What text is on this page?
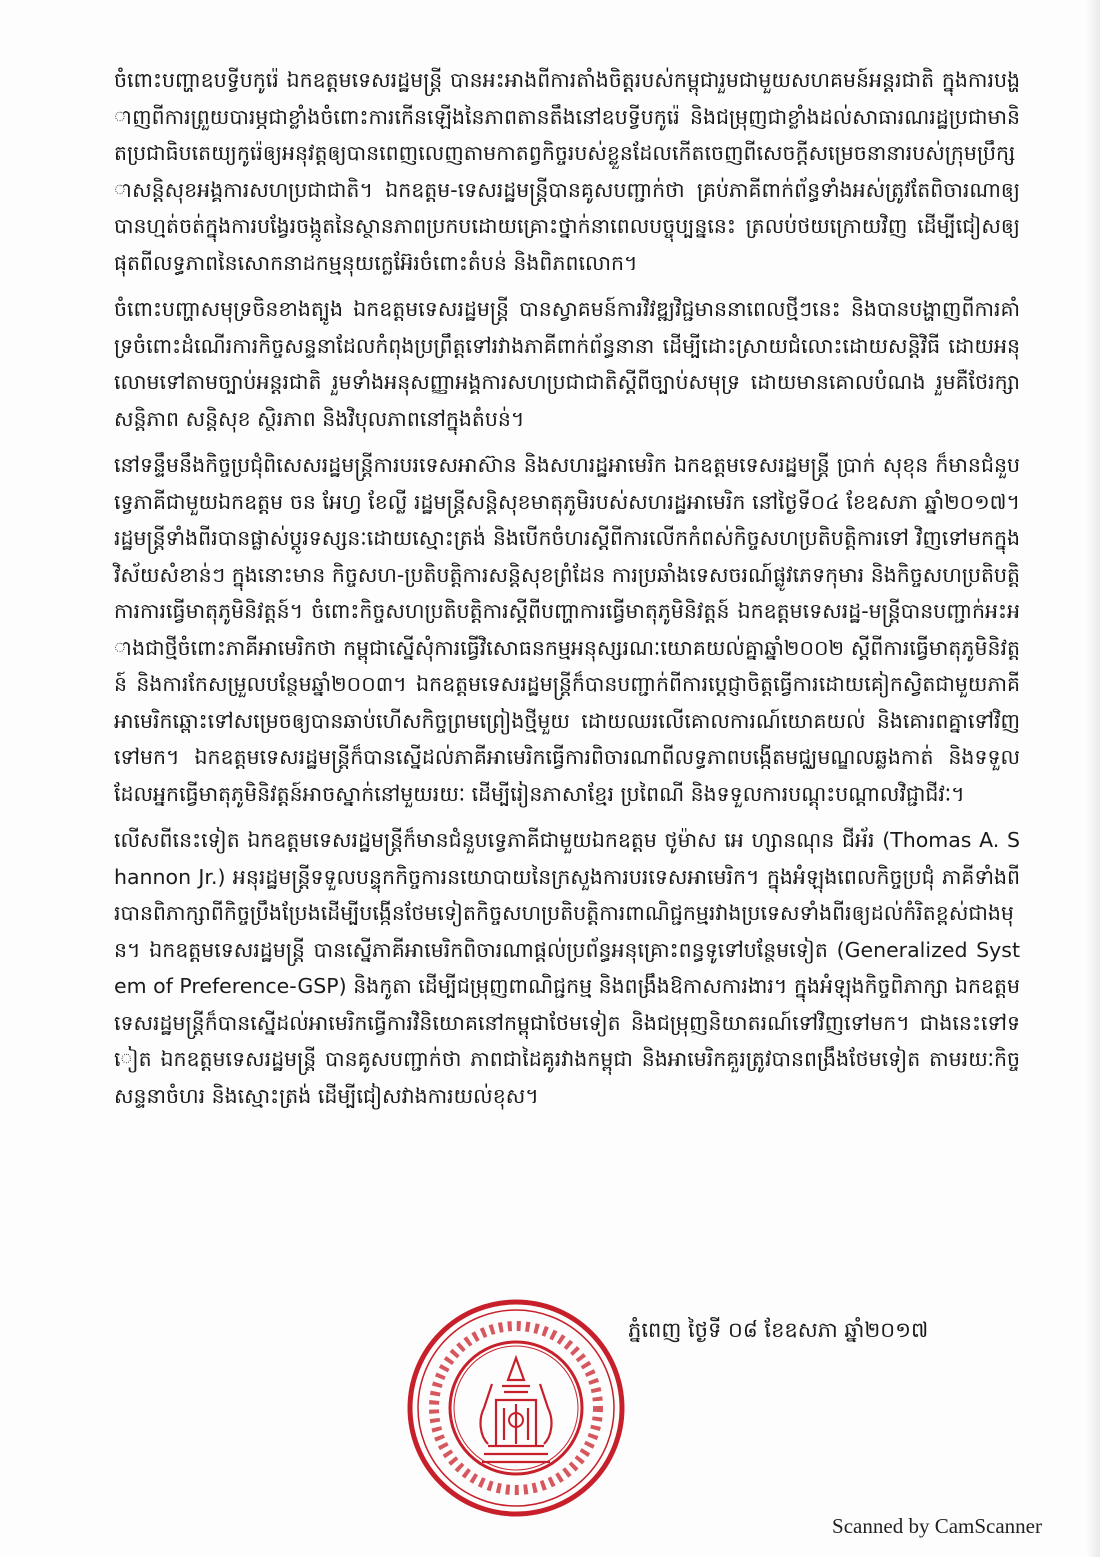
ចំពោះបញ្ហាឧបទ្វីបកូរ៉េ ឯកឧត្ដមទេសរដ្ឋមន្ដ្រី បានអះអាងពីការតាំងចិត្តរបស់កម្ពុជារួមជាមួយសហគមន៍អន្តរជាតិ ក្នុងការបង្ហាញពីការព្រួយបារម្ភជាខ្លាំងចំពោះការកើនឡើងនៃភាពតានតឹងនៅឧបទ្វីបកូរ៉េ និងជម្រុញជាខ្លាំងដល់សាធារណរដ្ឋប្រជាមានិតប្រជាធិបតេយ្យកូរ៉េឲ្យអនុវត្តឲ្យបានពេញលេញតាមកាតព្វកិច្ចរបស់ខ្លួនដែលកើតចេញពីសេចក្ដីសម្រេចនានារបស់ក្រុមប្រឹក្សាសន្តិសុខអង្គការសហប្រជាជាតិ។ ឯកឧត្ដម-ទេសរដ្ឋមន្ដ្រីបានគូសបញ្ជាក់ថា គ្រប់ភាគីពាក់ព័ន្ធទាំងអស់ត្រូវតែពិចារណាឲ្យបានហ្មត់ចត់ក្នុងការបង្វែរចង្កូតនៃស្ថានភាពប្រកបដោយគ្រោះថ្នាក់នាពេលបច្ចុប្បន្ននេះ ត្រលប់ថយក្រោយវិញ ដើម្បីជៀសឲ្យផុតពីលទ្ធភាពនៃសោកនាដកម្មនុយក្លេអ៊ែរចំពោះតំបន់ និងពិភពលោក។

ចំពោះបញ្ហាសមុទ្រចិនខាងត្បូង ឯកឧត្ដមទេសរដ្ឋមន្ដ្រី បានស្វាគមន៍ការវិវឌ្ឍវិជ្ជមាននាពេលថ្មីៗនេះ និងបានបង្ហាញពីការគាំទ្រចំពោះដំណើរការកិច្ចសន្ទនាដែលកំពុងប្រព្រឹត្តទៅរវាងភាគីពាក់ព័ន្ធនានា ដើម្បីដោះស្រាយជំលោះដោយសន្តិវិធី ដោយអនុលោមទៅតាមច្បាប់អន្តរជាតិ រួមទាំងអនុសញ្ញាអង្គការសហប្រជាជាតិស្ដីពីច្បាប់សមុទ្រ ដោយមានគោលបំណង រួមគឺថែរក្សាសន្តិភាព សន្តិសុខ ស្ថិរភាព និងវិបុលភាពនៅក្នុងតំបន់។

នៅទន្ទឹមនឹងកិច្ចប្រជុំពិសេសរដ្ឋមន្ដ្រីការបរទេសអាស៊ាន និងសហរដ្ឋអាមេរិក ឯកឧត្ដមទេសរដ្ឋមន្ដ្រី ប្រាក់ សុខុន ក៏មានជំនួបទ្វេភាគីជាមួយឯកឧត្ដម ចន អែហ្វ ខែល្លី រដ្ឋមន្ដ្រីសន្តិសុខមាតុភូមិរបស់សហរដ្ឋអាមេរិក នៅថ្ងៃទី០៤ ខែឧសភា ឆ្នាំ២០១៧។ រដ្ឋមន្ដ្រីទាំងពីរបានផ្លាស់ប្ដូរទស្សនៈដោយស្មោះត្រង់ និងបើកចំហរស្ដីពីការលើកកំពស់កិច្ចសហប្រតិបត្តិការទៅ វិញទៅមកក្នុងវិស័យសំខាន់ៗ ក្នុងនោះមាន កិច្ចសហ-ប្រតិបត្តិការសន្តិសុខព្រំដែន ការប្រឆាំងទេសចរណ៍ផ្លូវភេទកុមារ និងកិច្ចសហប្រតិបត្តិការការធ្វើមាតុភូមិនិវត្តន៍។ ចំពោះកិច្ចសហប្រតិបត្តិការស្ដីពីបញ្ហាការធ្វើមាតុភូមិនិវត្តន៍ ឯកឧត្ដមទេសរដ្ឋ-មន្ដ្រីបានបញ្ជាក់អះអាងជាថ្មីចំពោះភាគីអាមេរិកថា កម្ពុជាស្នើសុំការធ្វើវិសោធនកម្មអនុស្សរណៈយោគយល់គ្នាឆ្នាំ២០០២ ស្ដីពីការធ្វើមាតុភូមិនិវត្តន៍ និងការកែសម្រួលបន្ថែមឆ្នាំ២០០៣។ ឯកឧត្ដមទេសរដ្ឋមន្ដ្រីក៏បានបញ្ជាក់ពីការប្ដេជ្ញាចិត្តធ្វើការដោយគៀកស្វិតជាមួយភាគីអាមេរិកឆ្ពោះទៅសម្រេចឲ្យបានឆាប់ហើសកិច្ចព្រមព្រៀងថ្មីមួយ ដោយឈរលើគោលការណ៍យោគយល់ និងគោរពគ្នាទៅវិញទៅមក។ ឯកឧត្ដមទេសរដ្ឋមន្ដ្រីក៏បានស្នើដល់ភាគីអាមេរិកធ្វើការពិចារណាពីលទ្ធភាពបង្កើតមជ្ឈមណ្ឌលឆ្លងកាត់ និងទទួល ដែលអ្នកធ្វើមាតុភូមិនិវត្តន៍អាចស្នាក់នៅមួយរយៈ ដើម្បីរៀនភាសាខ្មែរ ប្រពៃណី និងទទួលការបណ្ដុះបណ្ដាលវិជ្ជាជីវៈ។

លើសពីនេះទៀត ឯកឧត្ដមទេសរដ្ឋមន្ដ្រីក៏មានជំនួបទ្វេភាគីជាមួយឯកឧត្ដម ថូម៉ាស អេ ហ្សានណុន ជីអ័រ (Thomas A. Shannon Jr.) អនុរដ្ឋមន្ដ្រីទទួលបន្ទុកកិច្ចការនយោបាយនៃក្រសួងការបរទេសអាមេរិក។ ក្នុងអំឡុងពេលកិច្ចប្រជុំ ភាគីទាំងពីរបានពិភាក្សាពីកិច្ចប្រឹងប្រែងដើម្បីបង្កើនថែមទៀតកិច្ចសហប្រតិបត្តិការពាណិជ្ជកម្មរវាងប្រទេសទាំងពីរឲ្យដល់កំរិតខ្ពស់ជាងមុន។ ឯកឧត្ដមទេសរដ្ឋមន្ដ្រី បានស្នើភាគីអាមេរិកពិចារណាផ្ដល់ប្រព័ន្ធអនុគ្រោះពន្ធទូទៅបន្ថែមទៀត (Generalized System of Preference-GSP) និងកូតា ដើម្បីជម្រុញពាណិជ្ជកម្ម និងពង្រឹងឱកាសការងារ។ ក្នុងអំឡុងកិច្ចពិភាក្សា ឯកឧត្ដមទេសរដ្ឋមន្ដ្រីក៏បានស្នើដល់អាមេរិកធ្វើការវិនិយោគនៅកម្ពុជាថែមទៀត និងជម្រុញនិយាតរណ៍ទៅវិញទៅមក។ ជាងនេះទៅទៀត ឯកឧត្ដមទេសរដ្ឋមន្ដ្រី បានគូសបញ្ជាក់ថា ភាពជាដៃគូរវាងកម្ពុជា និងអាមេរិកគួរត្រូវបានពង្រឹងថែមទៀត តាមរយៈកិច្ចសន្ទនាចំហរ និងស្មោះត្រង់ ដើម្បីជៀសវាងការយល់ខុស។

ភ្នំពេញ ថ្ងៃទី ០៨ ខែឧសភា ឆ្នាំ២០១៧
Scanned by CamScanner
